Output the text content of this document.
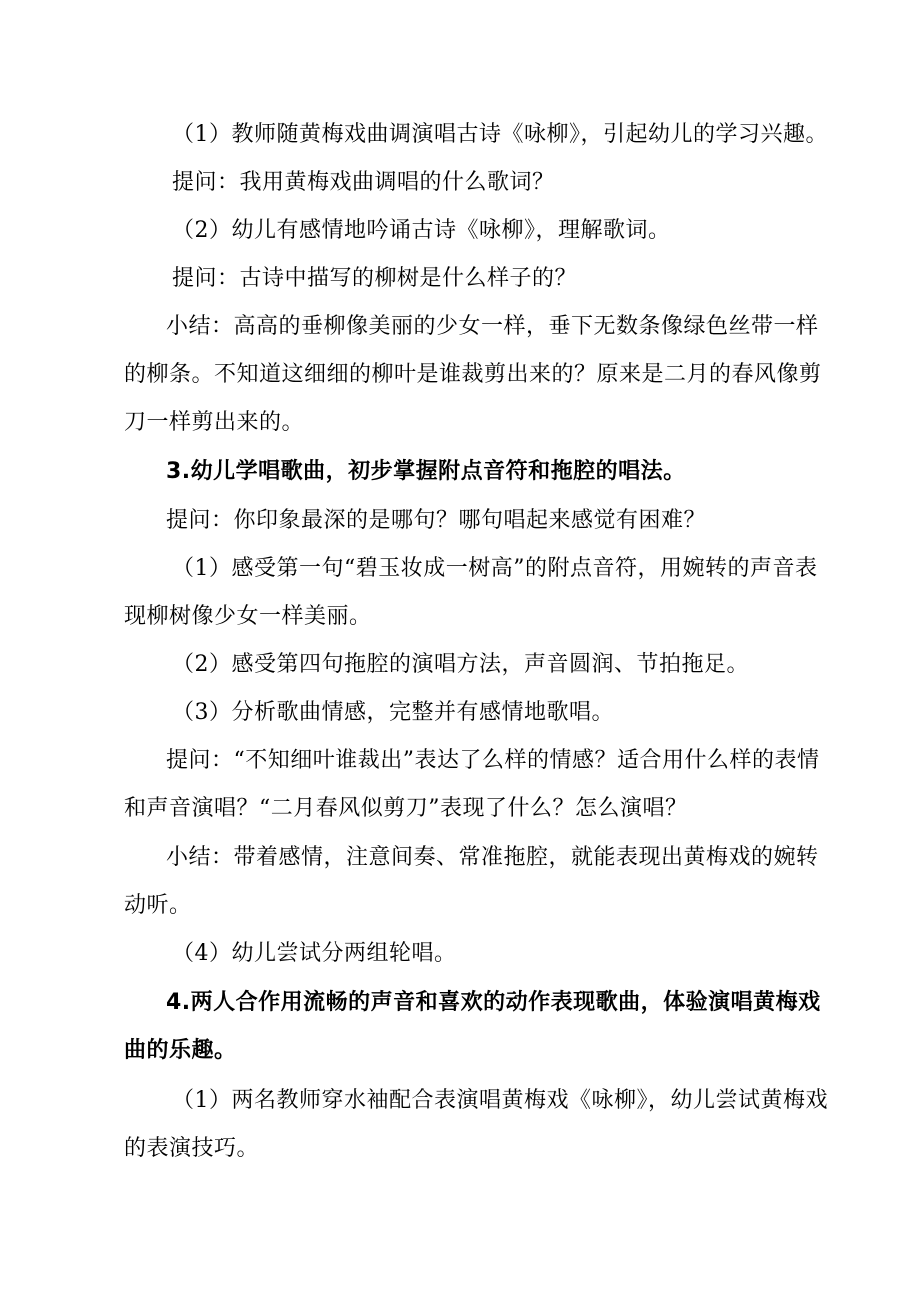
（1）教师随黄梅戏曲调演唱古诗《咏柳》，引起幼儿的学习兴趣。
提问：我用黄梅戏曲调唱的什么歌词？
（2）幼儿有感情地吟诵古诗《咏柳》，理解歌词。
提问：古诗中描写的柳树是什么样子的？
小结：高高的垂柳像美丽的少女一样，垂下无数条像绿色丝带一样
的柳条。不知道这细细的柳叶是谁裁剪出来的？原来是二月的春风像剪
刀一样剪出来的。
3.幼儿学唱歌曲，初步掌握附点音符和拖腔的唱法。
提问：你印象最深的是哪句？哪句唱起来感觉有困难？
（1）感受第一句“碧玉妆成一树高”的附点音符，用婉转的声音表
现柳树像少女一样美丽。
（2）感受第四句拖腔的演唱方法，声音圆润、节拍拖足。
（3）分析歌曲情感，完整并有感情地歌唱。
提问：“不知细叶谁裁出”表达了么样的情感？适合用什么样的表情
和声音演唱？“二月春风似剪刀”表现了什么？怎么演唱？
小结：带着感情，注意间奏、常准拖腔，就能表现出黄梅戏的婉转
动听。
（4）幼儿尝试分两组轮唱。
4.两人合作用流畅的声音和喜欢的动作表现歌曲，体验演唱黄梅戏
曲的乐趣。
（1）两名教师穿水袖配合表演唱黄梅戏《咏柳》，幼儿尝试黄梅戏
的表演技巧。
